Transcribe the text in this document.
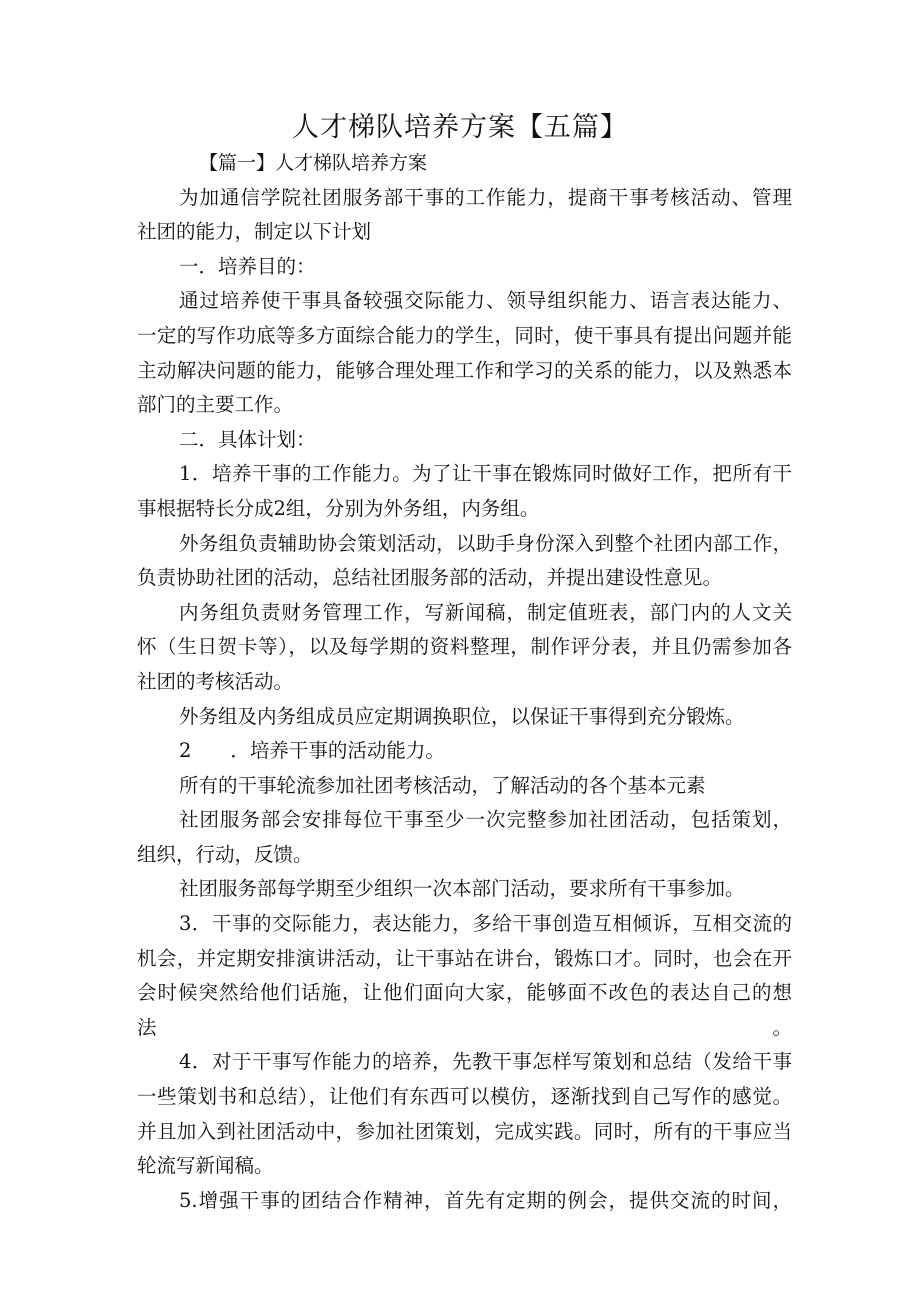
人才梯队培养方案【五篇】

【篇一】人才梯队培养方案

为加通信学院社团服务部干事的工作能力，提商干事考核活动、管理

社团的能力，制定以下计划

一．培养目的：

通过培养使干事具备较强交际能力、领导组织能力、语言表达能力、

一定的写作功底等多方面综合能力的学生，同时，使干事具有提出问题并能

主动解决问题的能力，能够合理处理工作和学习的关系的能力，以及熟悉本

部门的主要工作。

二．具体计划：

1．培养干事的工作能力。为了让干事在锻炼同时做好工作，把所有干

事根据特长分成2组，分别为外务组，内务组。

外务组负责辅助协会策划活动，以助手身份深入到整个社团内部工作，

负责协助社团的活动，总结社团服务部的活动，并提出建设性意见。

内务组负责财务管理工作，写新闻稿，制定值班表，部门内的人文关

怀（生日贺卡等），以及每学期的资料整理，制作评分表，并且仍需参加各

社团的考核活动。

外务组及内务组成员应定期调换职位，以保证干事得到充分锻炼。

2　　．培养干事的活动能力。

所有的干事轮流参加社团考核活动，了解活动的各个基本元素

社团服务部会安排每位干事至少一次完整参加社团活动，包括策划，

组织，行动，反馈。

社团服务部每学期至少组织一次本部门活动，要求所有干事参加。

3．干事的交际能力，表达能力，多给干事创造互相倾诉，互相交流的

机会，并定期安排演讲活动，让干事站在讲台，锻炼口才。同时，也会在开

会时候突然给他们话施，让他们面向大家，能够面不改色的表达自己的想法。

4．对于干事写作能力的培养，先教干事怎样写策划和总结（发给干事

一些策划书和总结），让他们有东西可以模仿，逐渐找到自己写作的感觉。

并且加入到社团活动中，参加社团策划，完成实践。同时，所有的干事应当

轮流写新闻稿。

5.增强干事的团结合作精神，首先有定期的例会，提供交流的时间，
